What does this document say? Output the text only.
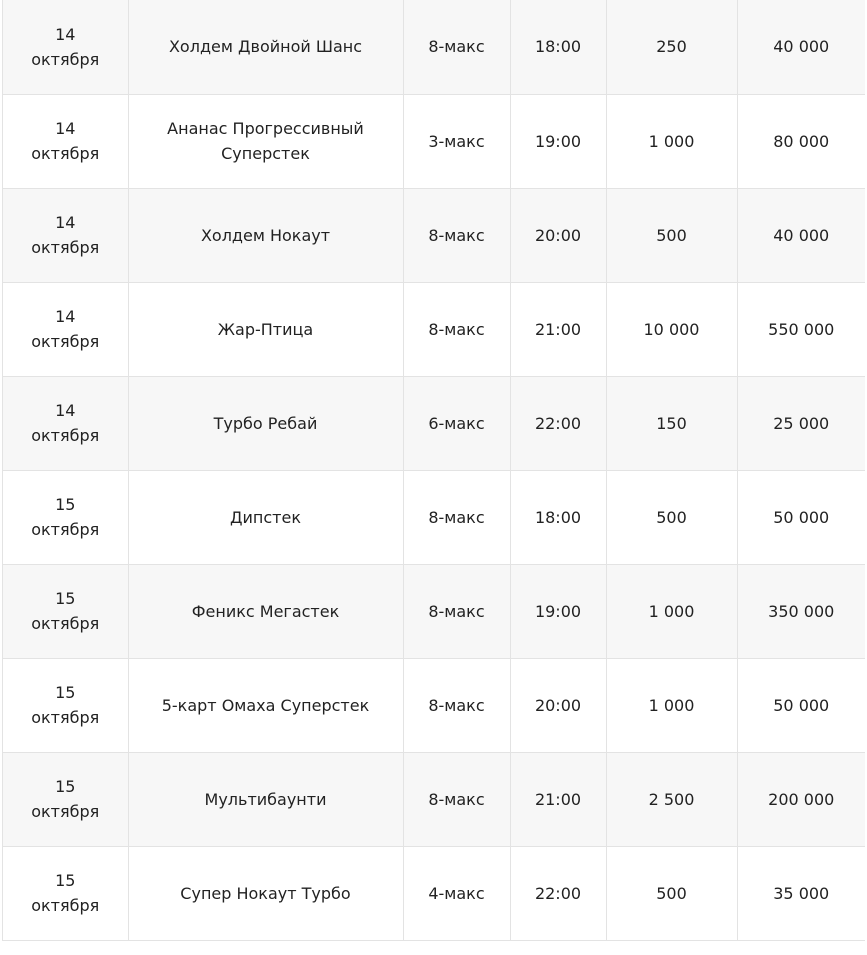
14
октября	Холдем Двойной Шанс	8-макс	18:00	250	40 000

14
октября	Ананас Прогрессивный Суперстек	3-макс	19:00	1 000	80 000

14
октября	Холдем Нокаут	8-макс	20:00	500	40 000

14
октября	Жар-Птица	8-макс	21:00	10 000	550 000

14
октября	Турбо Ребай	6-макс	22:00	150	25 000

15
октября	Дипстек	8-макс	18:00	500	50 000

15
октября	Феникс Мегастек	8-макс	19:00	1 000	350 000

15
октября	5-карт Омаха Суперстек	8-макс	20:00	1 000	50 000

15
октября	Мультибаунти	8-макс	21:00	2 500	200 000

15
октября	Супер Нокаут Турбо	4-макс	22:00	500	35 000
